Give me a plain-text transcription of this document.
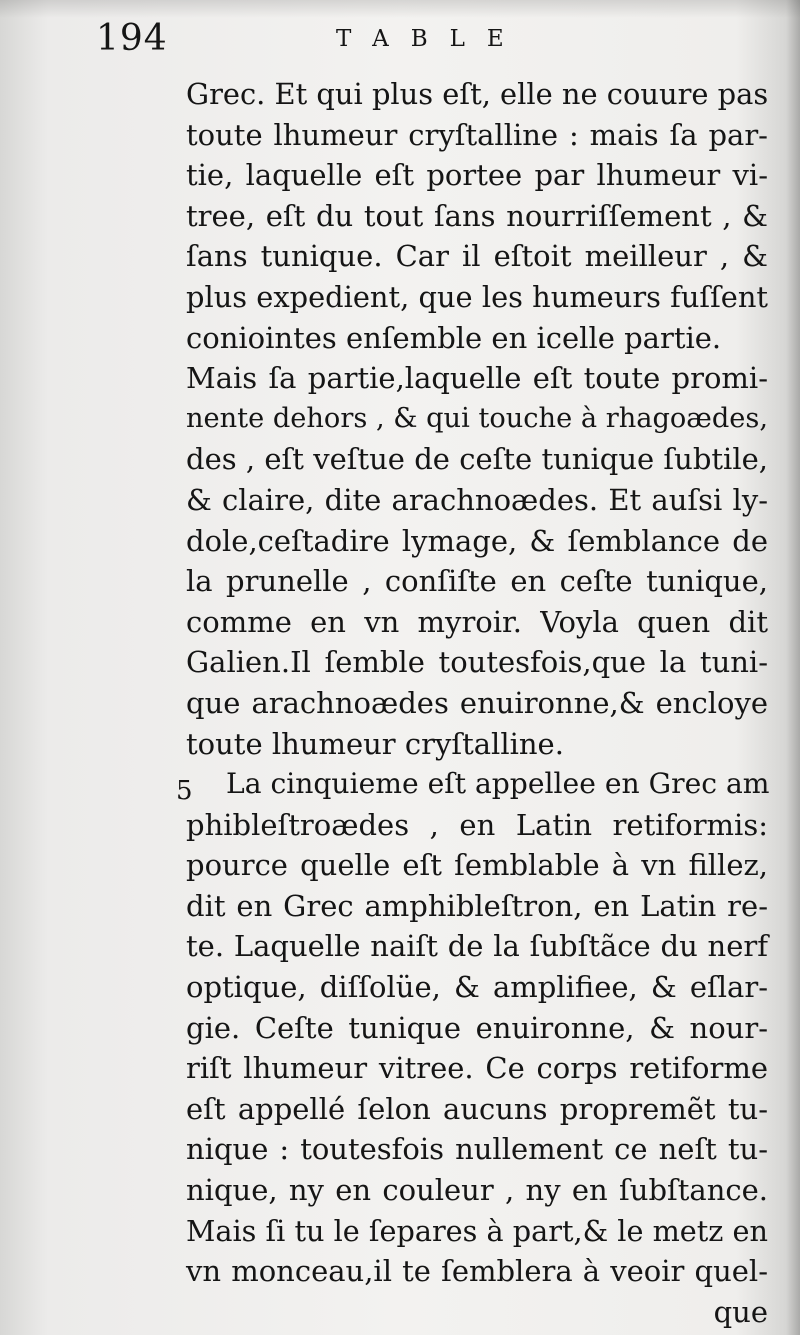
194	TABLE
5
Grec. Et qui plus eſt, elle ne couure pas
toute lhumeur cryſtalline : mais ſa par-
tie, laquelle eſt portee par lhumeur vi-
tree, eſt du tout ſans nourriſſement , &
ſans tunique. Car il eſtoit meilleur , &
plus expedient, que les humeurs fuſſent
coniointes enſemble en icelle partie.
Mais ſa partie,laquelle eſt toute promi-
nente dehors , & qui touche à rhagoædes,
des , eſt veſtue de ceſte tunique ſubtile,
& claire, dite arachnoædes. Et auſsi ly-
dole,ceſtadire lymage, & ſemblance de
la prunelle , conſiſte en ceſte tunique,
comme en vn myroir. Voyla quen dit
Galien.Il ſemble toutesfois,que la tuni-
que arachnoædes enuironne,& encloye
toute lhumeur cryſtalline.
La cinquieme eſt appellee en Grec am
phibleſtroædes , en Latin retiformis:
pource quelle eſt ſemblable à vn fillez,
dit en Grec amphibleſtron, en Latin re-
te. Laquelle naiſt de la ſubſtãce du nerf
optique, diſſolüe, & amplifiee, & eſlar-
gie. Ceſte tunique enuironne, & nour-
riſt lhumeur vitree. Ce corps retiforme
eſt appellé ſelon aucuns propremẽt tu-
nique : toutesfois nullement ce neſt tu-
nique, ny en couleur , ny en ſubſtance.
Mais ſi tu le ſepares à part,& le metz en
vn monceau,il te ſemblera à veoir quel-
que
